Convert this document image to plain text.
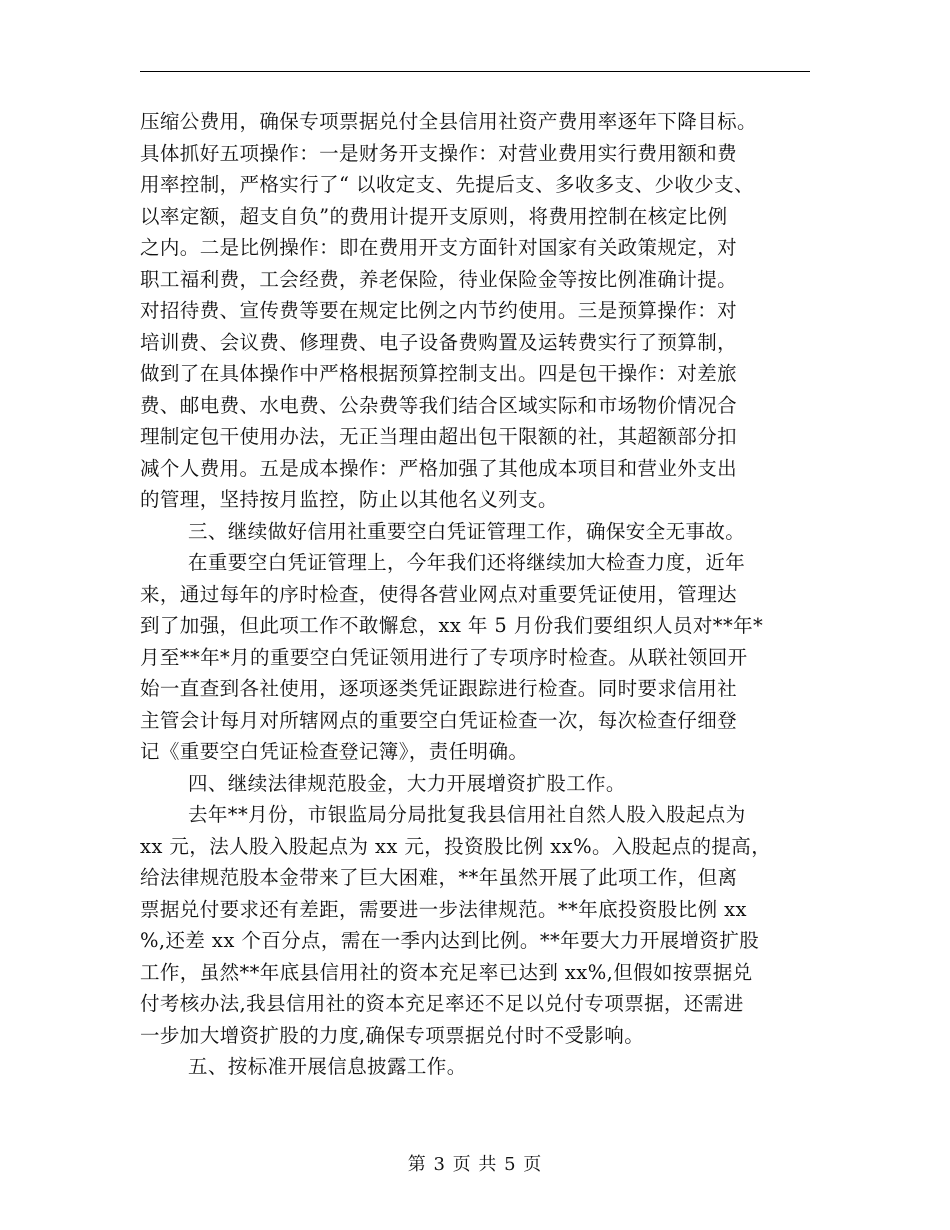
压缩公费用，确保专项票据兑付全县信用社资产费用率逐年下降目标。
具体抓好五项操作：一是财务开支操作：对营业费用实行费用额和费
用率控制，严格实行了“ 以收定支、先提后支、多收多支、少收少支、
以率定额，超支自负”的费用计提开支原则，将费用控制在核定比例
之内。二是比例操作：即在费用开支方面针对国家有关政策规定，对
职工福利费，工会经费，养老保险，待业保险金等按比例准确计提。
对招待费、宣传费等要在规定比例之内节约使用。三是预算操作：对
培训费、会议费、修理费、电子设备费购置及运转费实行了预算制，
做到了在具体操作中严格根据预算控制支出。四是包干操作：对差旅
费、邮电费、水电费、公杂费等我们结合区域实际和市场物价情况合
理制定包干使用办法，无正当理由超出包干限额的社，其超额部分扣
减个人费用。五是成本操作：严格加强了其他成本项目和营业外支出
的管理，坚持按月监控，防止以其他名义列支。
三、继续做好信用社重要空白凭证管理工作，确保安全无事故。
在重要空白凭证管理上，今年我们还将继续加大检查力度，近年
来，通过每年的序时检查，使得各营业网点对重要凭证使用，管理达
到了加强，但此项工作不敢懈怠，xx 年 5 月份我们要组织人员对**年*
月至**年*月的重要空白凭证领用进行了专项序时检查。从联社领回开
始一直查到各社使用，逐项逐类凭证跟踪进行检查。同时要求信用社
主管会计每月对所辖网点的重要空白凭证检查一次，每次检查仔细登
记《重要空白凭证检查登记簿》，责任明确。
四、继续法律规范股金，大力开展增资扩股工作。
去年**月份，市银监局分局批复我县信用社自然人股入股起点为
xx 元，法人股入股起点为 xx 元，投资股比例 xx%。入股起点的提高，
给法律规范股本金带来了巨大困难，**年虽然开展了此项工作，但离
票据兑付要求还有差距，需要进一步法律规范。**年底投资股比例 xx
%,还差 xx 个百分点，需在一季内达到比例。**年要大力开展增资扩股
工作，虽然**年底县信用社的资本充足率已达到 xx%,但假如按票据兑
付考核办法,我县信用社的资本充足率还不足以兑付专项票据，还需进
一步加大增资扩股的力度,确保专项票据兑付时不受影响。
五、按标准开展信息披露工作。
第 3 页 共 5 页
